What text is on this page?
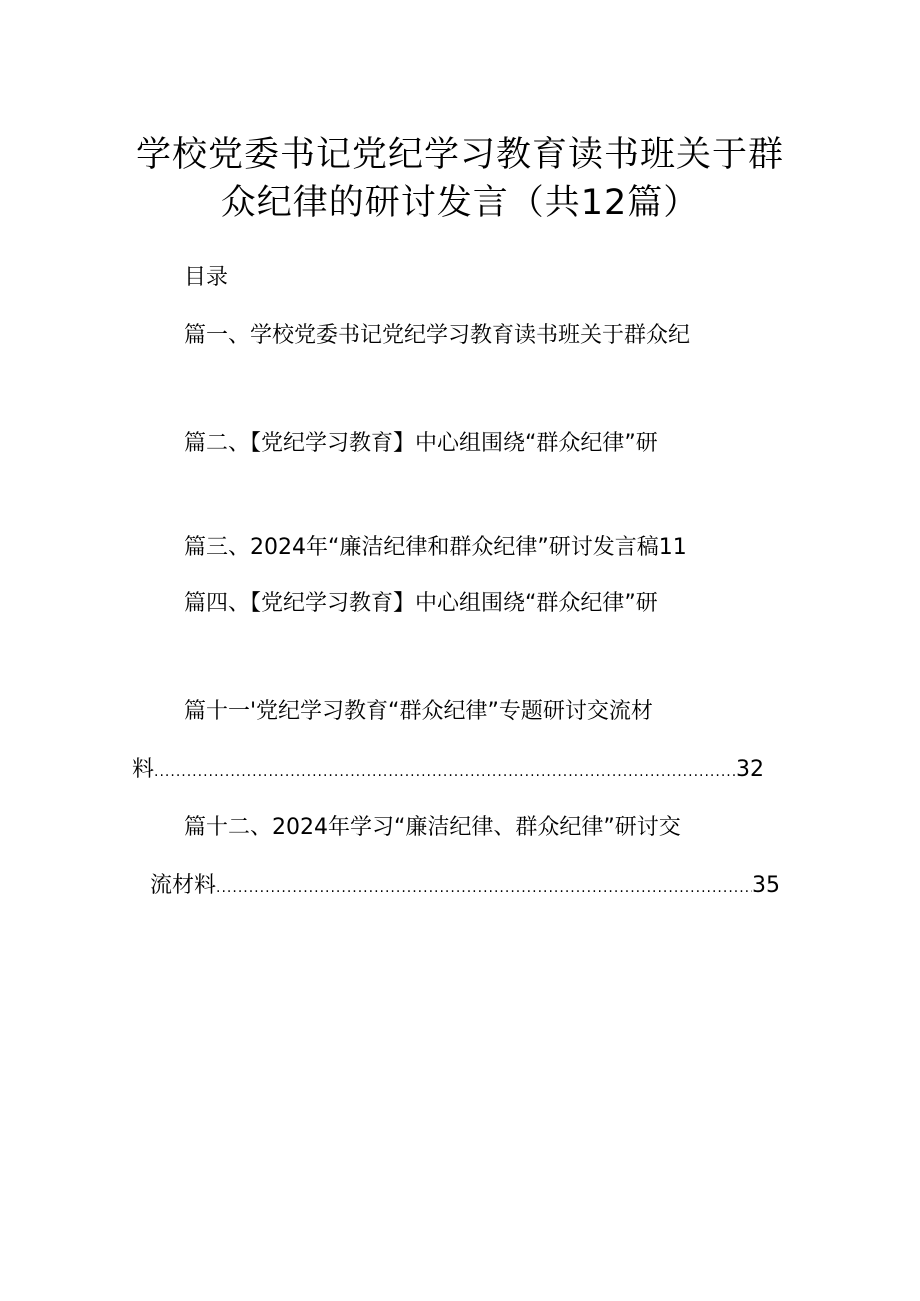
学校党委书记党纪学习教育读书班关于群
众纪律的研讨发言（共12篇）
目录
篇一、学校党委书记党纪学习教育读书班关于群众纪
篇二、【党纪学习教育】中心组围绕“群众纪律”研
篇三、2024年“廉洁纪律和群众纪律”研讨发言稿11
篇四、【党纪学习教育】中心组围绕“群众纪律”研
篇十一'党纪学习教育“群众纪律”专题研讨交流材
料 .....	32
篇十二、2024年学习“廉洁纪律、群众纪律”研讨交
流材料 .....	35
